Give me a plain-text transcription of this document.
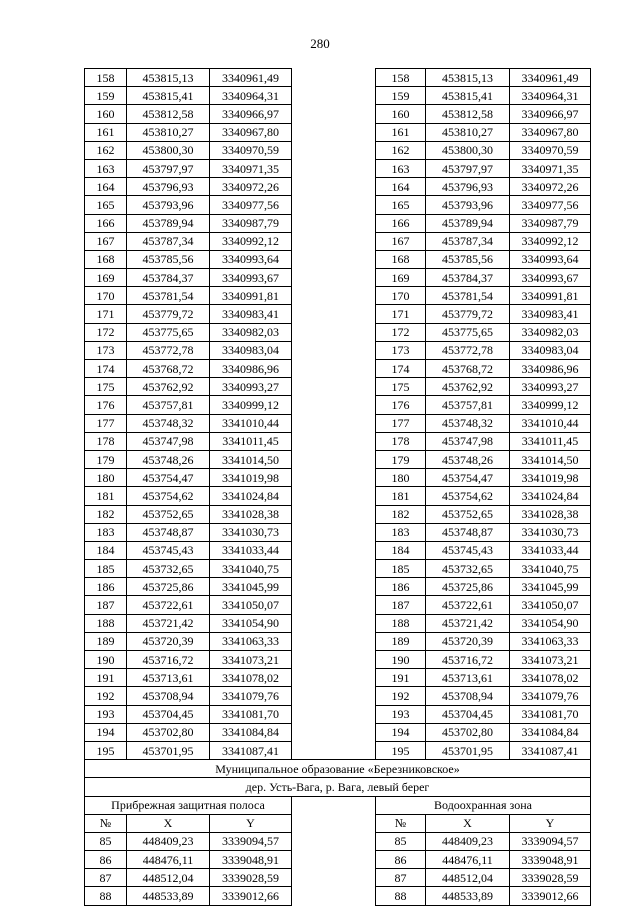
280
158	453815,13	3340961,49		158	453815,13	3340961,49
159	453815,41	3340964,31		159	453815,41	3340964,31
160	453812,58	3340966,97		160	453812,58	3340966,97
161	453810,27	3340967,80		161	453810,27	3340967,80
162	453800,30	3340970,59		162	453800,30	3340970,59
163	453797,97	3340971,35		163	453797,97	3340971,35
164	453796,93	3340972,26		164	453796,93	3340972,26
165	453793,96	3340977,56		165	453793,96	3340977,56
166	453789,94	3340987,79		166	453789,94	3340987,79
167	453787,34	3340992,12		167	453787,34	3340992,12
168	453785,56	3340993,64		168	453785,56	3340993,64
169	453784,37	3340993,67		169	453784,37	3340993,67
170	453781,54	3340991,81		170	453781,54	3340991,81
171	453779,72	3340983,41		171	453779,72	3340983,41
172	453775,65	3340982,03		172	453775,65	3340982,03
173	453772,78	3340983,04		173	453772,78	3340983,04
174	453768,72	3340986,96		174	453768,72	3340986,96
175	453762,92	3340993,27		175	453762,92	3340993,27
176	453757,81	3340999,12		176	453757,81	3340999,12
177	453748,32	3341010,44		177	453748,32	3341010,44
178	453747,98	3341011,45		178	453747,98	3341011,45
179	453748,26	3341014,50		179	453748,26	3341014,50
180	453754,47	3341019,98		180	453754,47	3341019,98
181	453754,62	3341024,84		181	453754,62	3341024,84
182	453752,65	3341028,38		182	453752,65	3341028,38
183	453748,87	3341030,73		183	453748,87	3341030,73
184	453745,43	3341033,44		184	453745,43	3341033,44
185	453732,65	3341040,75		185	453732,65	3341040,75
186	453725,86	3341045,99		186	453725,86	3341045,99
187	453722,61	3341050,07		187	453722,61	3341050,07
188	453721,42	3341054,90		188	453721,42	3341054,90
189	453720,39	3341063,33		189	453720,39	3341063,33
190	453716,72	3341073,21		190	453716,72	3341073,21
191	453713,61	3341078,02		191	453713,61	3341078,02
192	453708,94	3341079,76		192	453708,94	3341079,76
193	453704,45	3341081,70		193	453704,45	3341081,70
194	453702,80	3341084,84		194	453702,80	3341084,84
195	453701,95	3341087,41		195	453701,95	3341087,41
Муниципальное образование «Березниковское»						
дер. Усть-Вага, р. Вага, левый берег						
Прибрежная защитная полоса				Водоохранная зона		
№	X	Y		№	X	Y
85	448409,23	3339094,57		85	448409,23	3339094,57
86	448476,11	3339048,91		86	448476,11	3339048,91
87	448512,04	3339028,59		87	448512,04	3339028,59
88	448533,89	3339012,66		88	448533,89	3339012,66
